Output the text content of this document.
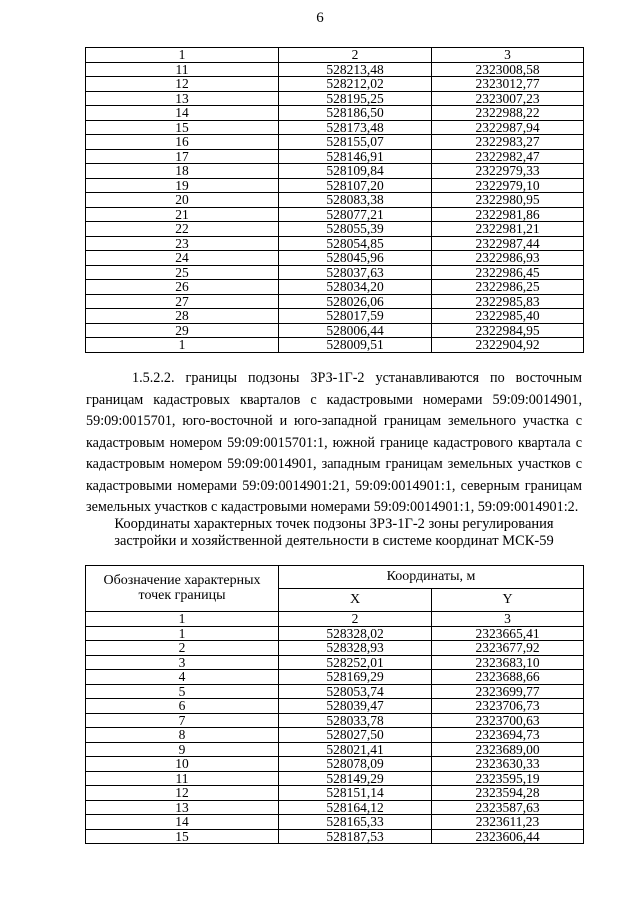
6
1	2	3
11	528213,48	2323008,58
12	528212,02	2323012,77
13	528195,25	2323007,23
14	528186,50	2322988,22
15	528173,48	2322987,94
16	528155,07	2322983,27
17	528146,91	2322982,47
18	528109,84	2322979,33
19	528107,20	2322979,10
20	528083,38	2322980,95
21	528077,21	2322981,86
22	528055,39	2322981,21
23	528054,85	2322987,44
24	528045,96	2322986,93
25	528037,63	2322986,45
26	528034,20	2322986,25
27	528026,06	2322985,83
28	528017,59	2322985,40
29	528006,44	2322984,95
1	528009,51	2322904,92

1.5.2.2. границы подзоны ЗРЗ-1Г-2 устанавливаются по восточным границам кадастровых кварталов с кадастровыми номерами 59:09:0014901, 59:09:0015701, юго-восточной и юго-западной границам земельного участка с кадастровым номером 59:09:0015701:1, южной границе кадастрового квартала с кадастровым номером 59:09:0014901, западным границам земельных участков с кадастровыми номерами 59:09:0014901:21, 59:09:0014901:1, северным границам земельных участков с кадастровыми номерами 59:09:0014901:1, 59:09:0014901:2.

Координаты характерных точек подзоны ЗРЗ-1Г-2 зоны регулирования
застройки и хозяйственной деятельности в системе координат МСК-59
Обозначение характерных точек границы	Координаты, м	
	X	Y
1	2	3
1	528328,02	2323665,41
2	528328,93	2323677,92
3	528252,01	2323683,10
4	528169,29	2323688,66
5	528053,74	2323699,77
6	528039,47	2323706,73
7	528033,78	2323700,63
8	528027,50	2323694,73
9	528021,41	2323689,00
10	528078,09	2323630,33
11	528149,29	2323595,19
12	528151,14	2323594,28
13	528164,12	2323587,63
14	528165,33	2323611,23
15	528187,53	2323606,44
